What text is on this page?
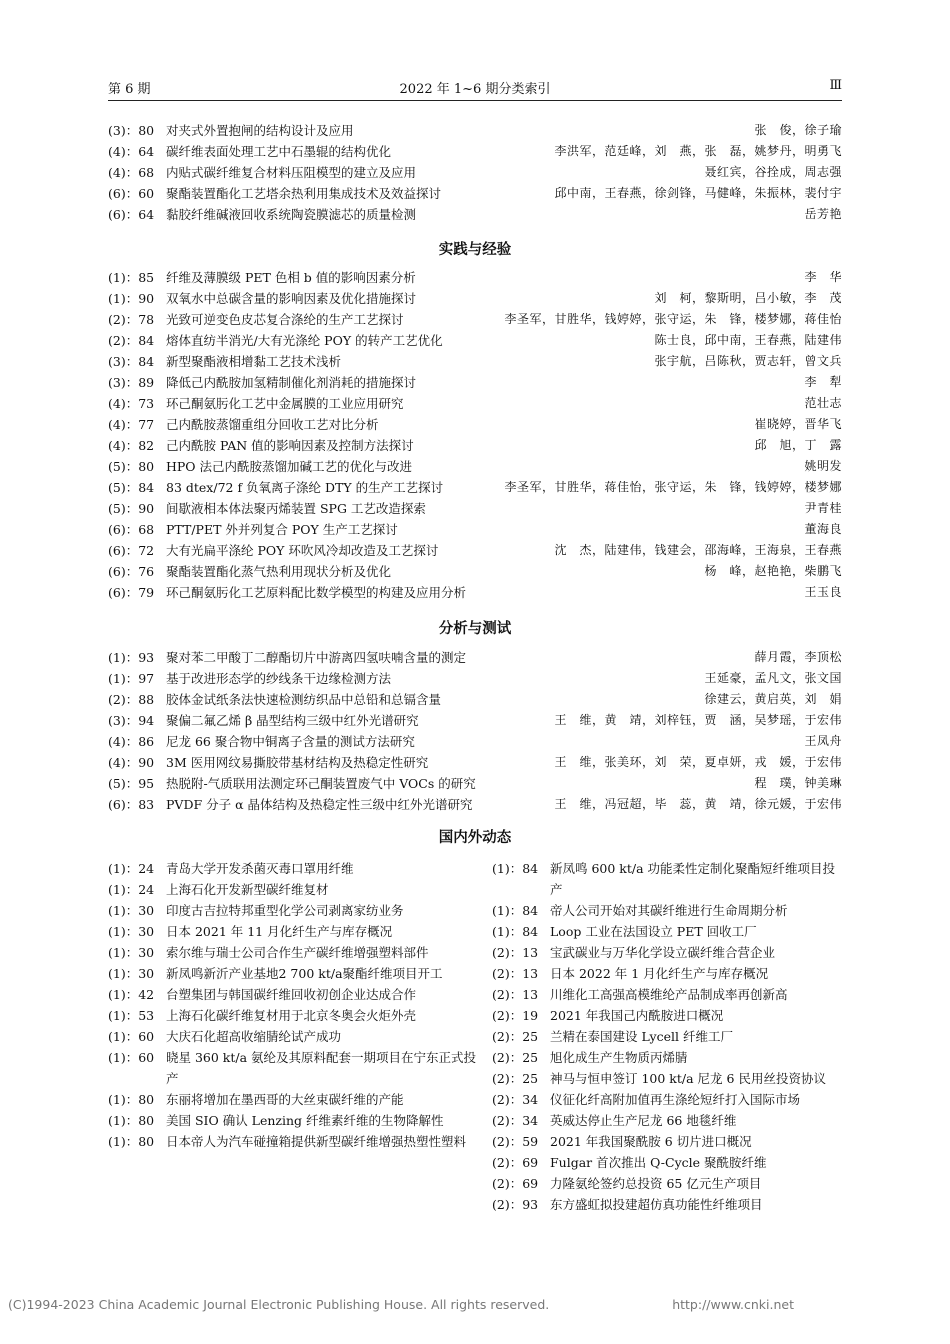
第 6 期	2022 年 1~6 期分类索引	Ⅲ
(3)：80 对夹式外置抱闸的结构设计及应用	张　俊，徐子瑜
(4)：64 碳纤维表面处理工艺中石墨辊的结构优化	李洪军，范廷峰，刘　燕，张　磊，姚梦丹，明勇飞
(4)：68 内贴式碳纤维复合材料压阻模型的建立及应用	聂红宾，谷拴成，周志强
(6)：60 聚酯装置酯化工艺塔余热利用集成技术及效益探讨	邱中南，王春燕，徐剑锋，马健峰，朱振林，裴付宇
(6)：64 黏胶纤维碱液回收系统陶瓷膜滤芯的质量检测	岳芳艳
实践与经验
(1)：85 纤维及薄膜级 PET 色相 b 值的影响因素分析	李　华
(1)：90 双氧水中总碳含量的影响因素及优化措施探讨	刘　柯，黎斯明，吕小敏，李　茂
(2)：78 光致可逆变色皮芯复合涤纶的生产工艺探讨	李圣军，甘胜华，钱婷婷，张守运，朱　锋，楼梦娜，蒋佳怡
(2)：84 熔体直纺半消光/大有光涤纶 POY 的转产工艺优化	陈士良，邱中南，王春燕，陆建伟
(3)：84 新型聚酯液相增黏工艺技术浅析	张宇航，吕陈秋，贾志轩，曾文兵
(3)：89 降低己内酰胺加氢精制催化剂消耗的措施探讨	李　犁
(4)：73 环己酮氨肟化工艺中金属膜的工业应用研究	范壮志
(4)：77 己内酰胺蒸馏重组分回收工艺对比分析	崔晓婷，晋华飞
(4)：82 己内酰胺 PAN 值的影响因素及控制方法探讨	邱　旭，丁　露
(5)：80 HPO 法己内酰胺蒸馏加碱工艺的优化与改进	姚明发
(5)：84 83 dtex/72 f 负氧离子涤纶 DTY 的生产工艺探讨	李圣军，甘胜华，蒋佳怡，张守运，朱　锋，钱婷婷，楼梦娜
(5)：90 间歇液相本体法聚丙烯装置 SPG 工艺改造探索	尹青桂
(6)：68 PTT/PET 外并列复合 POY 生产工艺探讨	董海良
(6)：72 大有光扁平涤纶 POY 环吹风冷却改造及工艺探讨	沈　杰，陆建伟，钱建会，邵海峰，王海泉，王春燕
(6)：76 聚酯装置酯化蒸气热利用现状分析及优化	杨　峰，赵艳艳，柴鹏飞
(6)：79 环己酮氨肟化工艺原料配比数学模型的构建及应用分析	王玉良
分析与测试
(1)：93 聚对苯二甲酸丁二醇酯切片中游离四氢呋喃含量的测定	薛月霞，李顶松
(1)：97 基于改进形态学的纱线条干边缘检测方法	王延豪，孟凡文，张文国
(2)：88 胶体金试纸条法快速检测纺织品中总铅和总镉含量	徐建云，黄启英，刘　娟
(3)：94 聚偏二氟乙烯 β 晶型结构三级中红外光谱研究	王　维，黄　靖，刘梓钰，贾　涵，吴梦瑶，于宏伟
(4)：86 尼龙 66 聚合物中铜离子含量的测试方法研究	王凤舟
(4)：90 3M 医用网纹易撕胶带基材结构及热稳定性研究	王　维，张美环，刘　荣，夏卓妍，戎　媛，于宏伟
(5)：95 热脱附-气质联用法测定环己酮装置废气中 VOCs 的研究	程　璞，钟美琳
(6)：83 PVDF 分子 α 晶体结构及热稳定性三级中红外光谱研究	王　维，冯冠超，毕　蕊，黄　靖，徐元媛，于宏伟
国内外动态
(1)：24 青岛大学开发杀菌灭毒口罩用纤维
(1)：24 上海石化开发新型碳纤维复材
(1)：30 印度古吉拉特邦重型化学公司剥离家纺业务
(1)：30 日本 2021 年 11 月化纤生产与库存概况
(1)：30 索尔维与瑞士公司合作生产碳纤维增强塑料部件
(1)：30 新凤鸣新沂产业基地2 700 kt/a聚酯纤维项目开工
(1)：42 台塑集团与韩国碳纤维回收初创企业达成合作
(1)：53 上海石化碳纤维复材用于北京冬奥会火炬外壳
(1)：60 大庆石化超高收缩腈纶试产成功
(1)：60 晓星 360 kt/a 氨纶及其原料配套一期项目在宁东正式投产
(1)：80 东丽将增加在墨西哥的大丝束碳纤维的产能
(1)：80 美国 SIO 确认 Lenzing 纤维素纤维的生物降解性
(1)：80 日本帝人为汽车碰撞箱提供新型碳纤维增强热塑性塑料
(1)：84 新凤鸣 600 kt/a 功能柔性定制化聚酯短纤维项目投产
(1)：84 帝人公司开始对其碳纤维进行生命周期分析
(1)：84 Loop 工业在法国设立 PET 回收工厂
(2)：13 宝武碳业与万华化学设立碳纤维合营企业
(2)：13 日本 2022 年 1 月化纤生产与库存概况
(2)：13 川维化工高强高模维纶产品制成率再创新高
(2)：19 2021 年我国己内酰胺进口概况
(2)：25 兰精在泰国建设 Lycell 纤维工厂
(2)：25 旭化成生产生物质丙烯腈
(2)：25 神马与恒申签订 100 kt/a 尼龙 6 民用丝投资协议
(2)：34 仪征化纤高附加值再生涤纶短纤打入国际市场
(2)：34 英威达停止生产尼龙 66 地毯纤维
(2)：59 2021 年我国聚酰胺 6 切片进口概况
(2)：69 Fulgar 首次推出 Q-Cycle 聚酰胺纤维
(2)：69 力隆氨纶签约总投资 65 亿元生产项目
(2)：93 东方盛虹拟投建超仿真功能性纤维项目
(C)1994-2023 China Academic Journal Electronic Publishing House. All rights reserved.	http://www.cnki.net
